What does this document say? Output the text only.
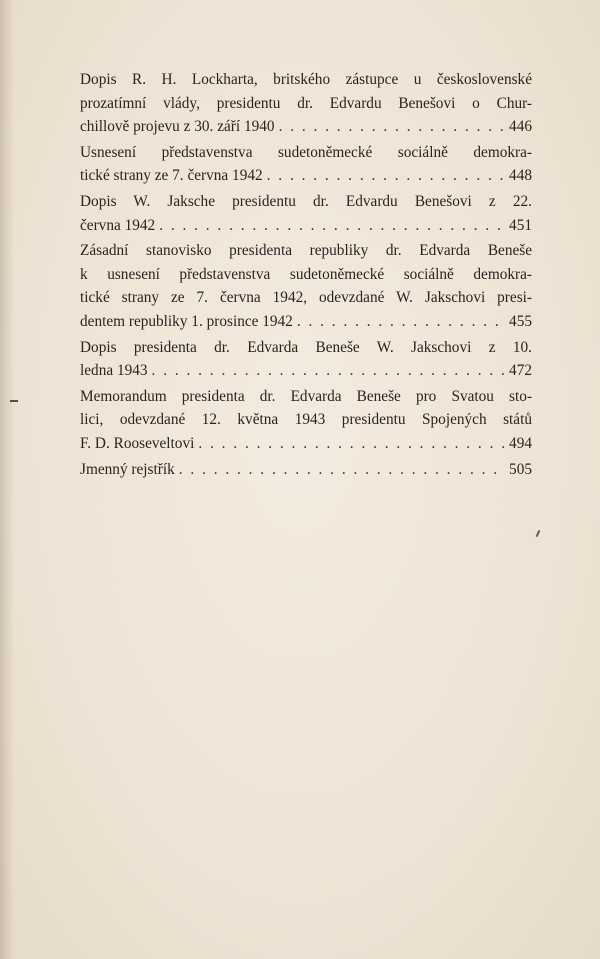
Dopis R. H. Lockharta, britského zástupce u československé
prozatímní vlády, presidentu dr. Edvardu Benešovi o Chur-
chillově projevu z 30. září 1940 . . .	446
Usnesení představenstva sudetoněmecké sociálně demokra-
tické strany ze 7. června 1942 . . .	448
Dopis W. Jaksche presidentu dr. Edvardu Benešovi z 22.
června 1942 . . .	451
Zásadní stanovisko presidenta republiky dr. Edvarda Beneše
k usnesení představenstva sudetoněmecké sociálně demokra-
tické strany ze 7. června 1942, odevzdané W. Jakschovi presi-
dentem republiky 1. prosince 1942 . . .	455
Dopis presidenta dr. Edvarda Beneše W. Jakschovi z 10.
ledna 1943 . . .	472
Memorandum presidenta dr. Edvarda Beneše pro Svatou sto-
lici, odevzdané 12. května 1943 presidentu Spojených států
F. D. Rooseveltovi . . .	494
Jmenný rejstřík . . .	505
